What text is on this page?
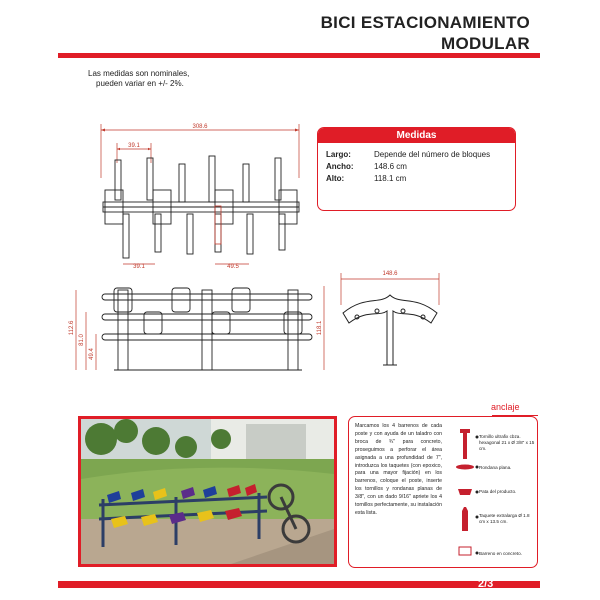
BICI ESTACIONAMIENTO
MODULAR
Las medidas son nominales,
pueden variar en +/- 2%.
308.6
39.1
39.1	49.5
112.6
81.0
49.4
118.1
148.6
Medidas
Largo:	Depende del número de bloques
Ancho:	148.6 cm
Alto:	118.1 cm
anclaje
Marcamos los 4 barrenos de cada poste y con ayuda de un taladro con broca de ¾" para concreto, proseguimos a perforar el área asignada a una profundidad de 7", introduzca los taquetes (con epoxico, para una mayor fijación) en los barrenos, coloque el poste, inserte los tornillos y rondanas planas de 3/8", con un dado 9/16" apriete los 4 tornillos perfectamente, su instalación esta lista.
Tornillo ultrafix cbza. hexagonal 21 x Ø 3/8" x 15 cm.
Rondana plana.
Pata del producto.
Taquete extralarga Ø 1.8 cm x 13.5 cm.
Barreno en concreto.
2/3
